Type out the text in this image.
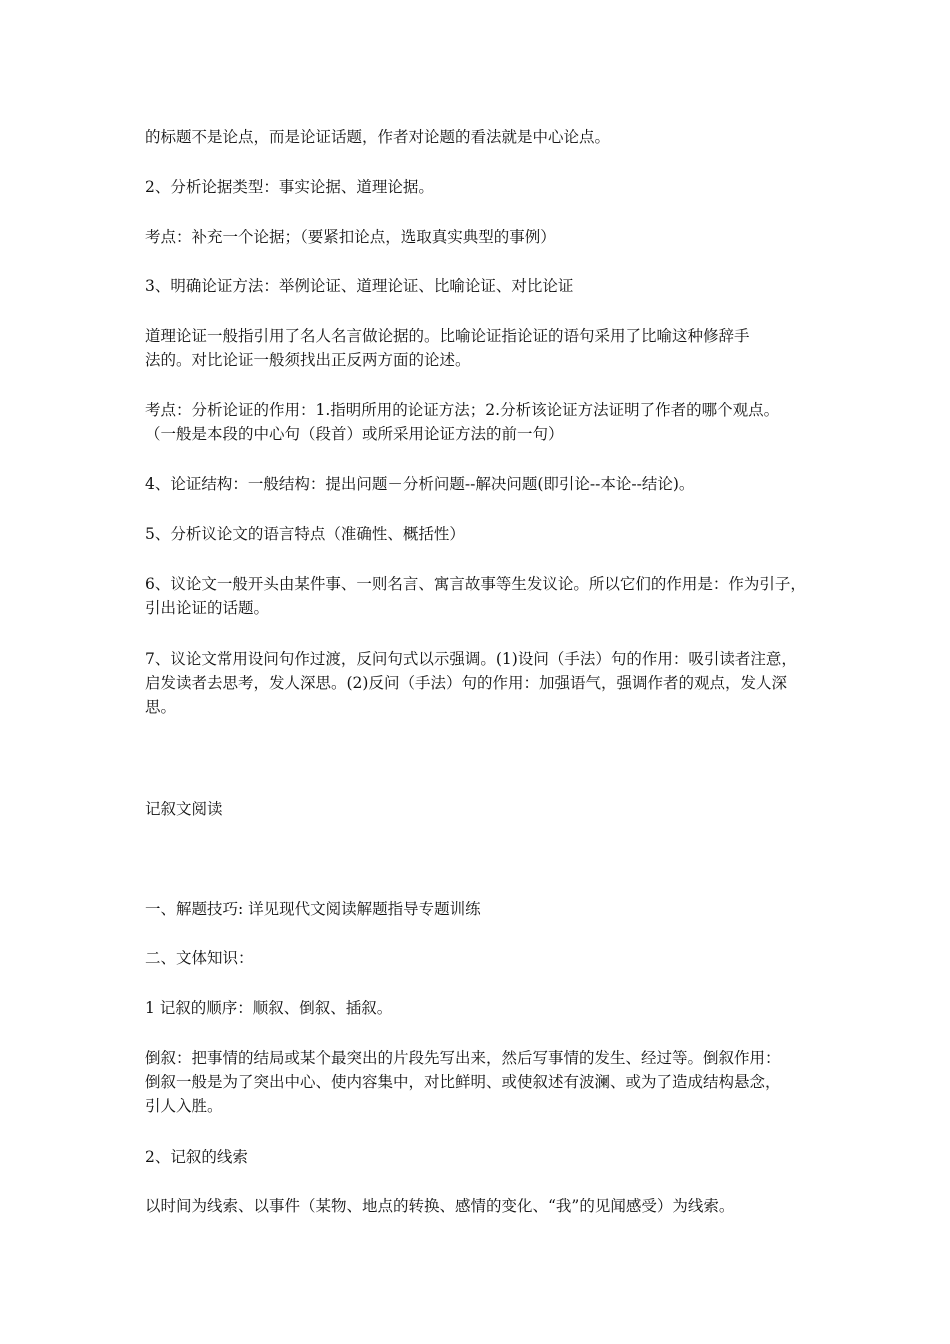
的标题不是论点，而是论证话题，作者对论题的看法就是中心论点。
2、分析论据类型：事实论据、道理论据。
考点：补充一个论据；（要紧扣论点，选取真实典型的事例）
3、明确论证方法：举例论证、道理论证、比喻论证、对比论证
道理论证一般指引用了名人名言做论据的。比喻论证指论证的语句采用了比喻这种修辞手
法的。对比论证一般须找出正反两方面的论述。
考点：分析论证的作用：1.指明所用的论证方法；2.分析该论证方法证明了作者的哪个观点。
（一般是本段的中心句（段首）或所采用论证方法的前一句）
4、论证结构：一般结构：提出问题－分析问题--解决问题(即引论--本论--结论)。
5、分析议论文的语言特点（准确性、概括性）
6、议论文一般开头由某件事、一则名言、寓言故事等生发议论。所以它们的作用是：作为引子，
引出论证的话题。
7、议论文常用设问句作过渡，反问句式以示强调。(1)设问（手法）句的作用：吸引读者注意，
启发读者去思考，发人深思。(2)反问（手法）句的作用：加强语气，强调作者的观点，发人深
思。
记叙文阅读
一、解题技巧: 详见现代文阅读解题指导专题训练
二、文体知识：
1 记叙的顺序：顺叙、倒叙、插叙。
倒叙：把事情的结局或某个最突出的片段先写出来，然后写事情的发生、经过等。倒叙作用：
倒叙一般是为了突出中心、使内容集中，对比鲜明、或使叙述有波澜、或为了造成结构悬念，
引人入胜。
2、记叙的线索
以时间为线索、以事件（某物、地点的转换、感情的变化、“我”的见闻感受）为线索。
